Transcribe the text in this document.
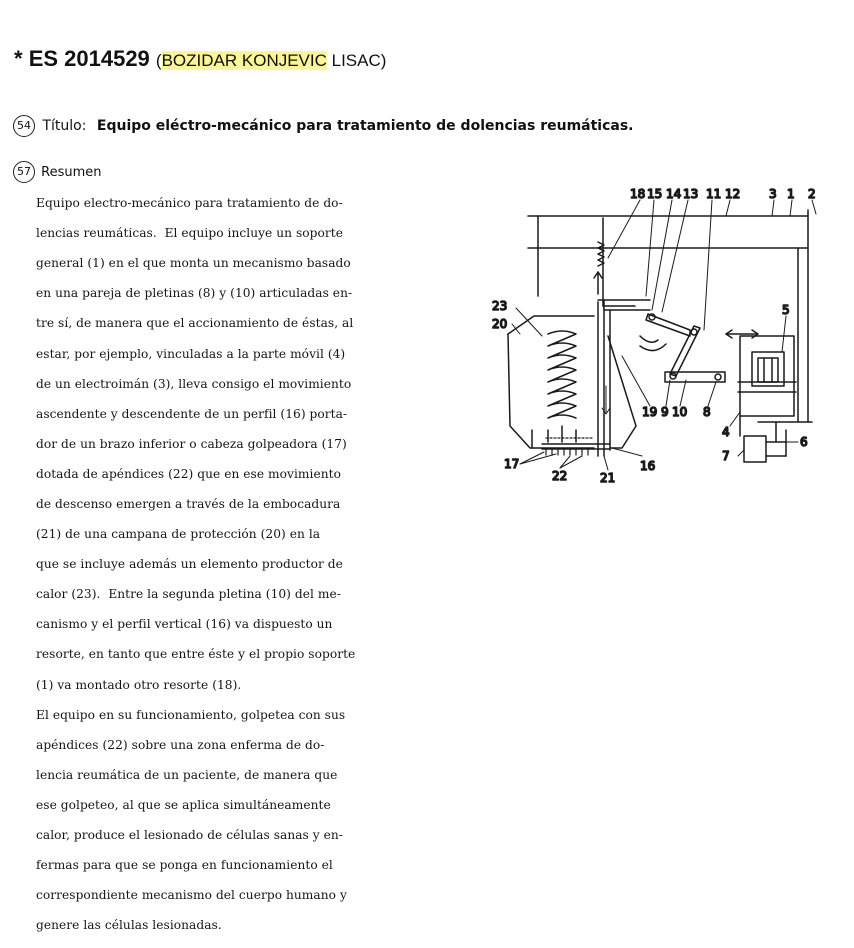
* ES 2014529 (BOZIDAR KONJEVIC LISAC)
54 Título: Equipo eléctro-mecánico para tratamiento de dolencias reumáticas.
57 Resumen

Equipo electro-mecánico para tratamiento de do-

lencias reumáticas.  El equipo incluye un soporte

general (1) en el que monta un mecanismo basado

en una pareja de pletinas (8) y (10) articuladas en-

tre sí, de manera que el accionamiento de éstas, al

estar, por ejemplo, vinculadas a la parte móvil (4)

de un electroimán (3), lleva consigo el movimiento

ascendente y descendente de un perfil (16) porta-

dor de un brazo inferior o cabeza golpeadora (17)

dotada de apéndices (22) que en ese movimiento

de descenso emergen a través de la embocadura

(21) de una campana de protección (20) en la

que se incluye además un elemento productor de

calor (23).  Entre la segunda pletina (10) del me-

canismo y el perfil vertical (16) va dispuesto un

resorte, en tanto que entre éste y el propio soporte

(1) va montado otro resorte (18).

El equipo en su funcionamiento, golpetea con sus

apéndices (22) sobre una zona enferma de do-

lencia reumática de un paciente, de manera que

ese golpeteo, al que se aplica simultáneamente

calor, produce el lesionado de células sanas y en-

fermas para que se ponga en funcionamiento el

correspondiente mecanismo del cuerpo humano y

genere las células lesionadas.

18 15 14 13 11 12 3 1 2
5
23
20
19 9 10 8
4
6
7
17
22	21
16
